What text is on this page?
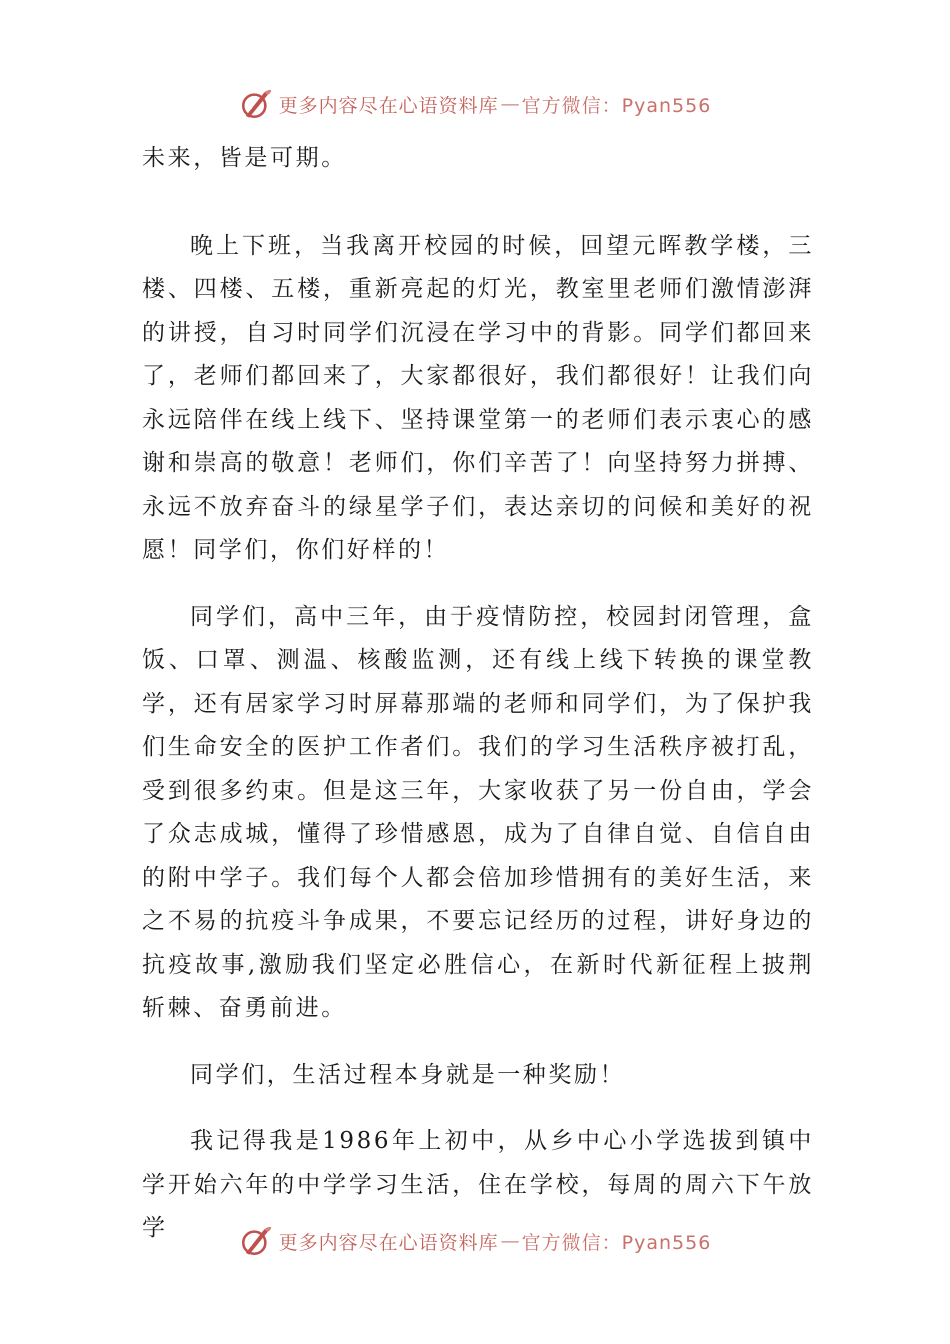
更多内容尽在心语资料库 — 官方微信：Pyan556

未来，皆是可期。

晚上下班，当我离开校园的时候，回望元晖教学楼，三楼、四楼、五楼，重新亮起的灯光，教室里老师们激情澎湃的讲授，自习时同学们沉浸在学习中的背影。同学们都回来了，老师们都回来了，大家都很好，我们都很好！让我们向永远陪伴在线上线下、坚持课堂第一的老师们表示衷心的感谢和崇高的敬意！老师们，你们辛苦了！向坚持努力拼搏、永远不放弃奋斗的绿星学子们，表达亲切的问候和美好的祝愿！同学们，你们好样的！

同学们，高中三年，由于疫情防控，校园封闭管理，盒饭、口罩、测温、核酸监测，还有线上线下转换的课堂教学，还有居家学习时屏幕那端的老师和同学们，为了保护我们生命安全的医护工作者们。我们的学习生活秩序被打乱，受到很多约束。但是这三年，大家收获了另一份自由，学会了众志成城，懂得了珍惜感恩，成为了自律自觉、自信自由的附中学子。我们每个人都会倍加珍惜拥有的美好生活，来之不易的抗疫斗争成果，不要忘记经历的过程，讲好身边的抗疫故事,激励我们坚定必胜信心，在新时代新征程上披荆斩棘、奋勇前进。

同学们，生活过程本身就是一种奖励！

我记得我是1986年上初中，从乡中心小学选拔到镇中学开始六年的中学学习生活，住在学校，每周的周六下午放学

更多内容尽在心语资料库 — 官方微信：Pyan556
